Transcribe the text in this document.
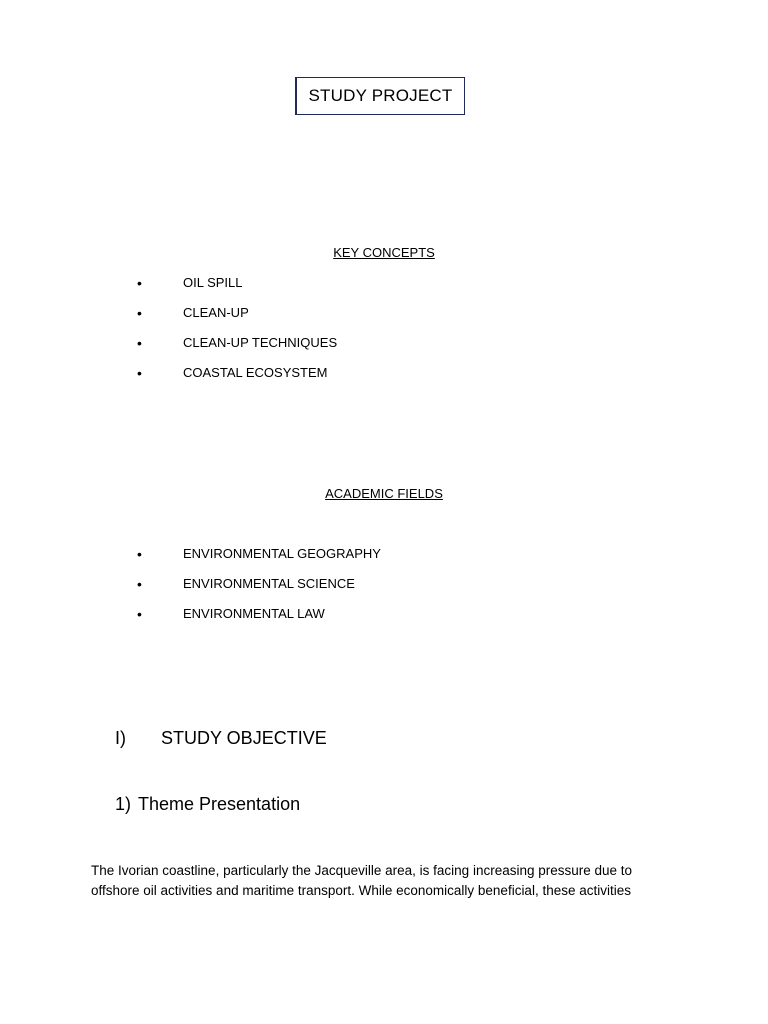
STUDY PROJECT
KEY CONCEPTS
•	OIL SPILL
•	CLEAN-UP
•	CLEAN-UP TECHNIQUES
•	COASTAL ECOSYSTEM
ACADEMIC FIELDS
•	ENVIRONMENTAL GEOGRAPHY
•	ENVIRONMENTAL SCIENCE
•	ENVIRONMENTAL LAW
I) STUDY OBJECTIVE
1) Theme Presentation
The Ivorian coastline, particularly the Jacqueville area, is facing increasing pressure due to
offshore oil activities and maritime transport. While economically beneficial, these activities
